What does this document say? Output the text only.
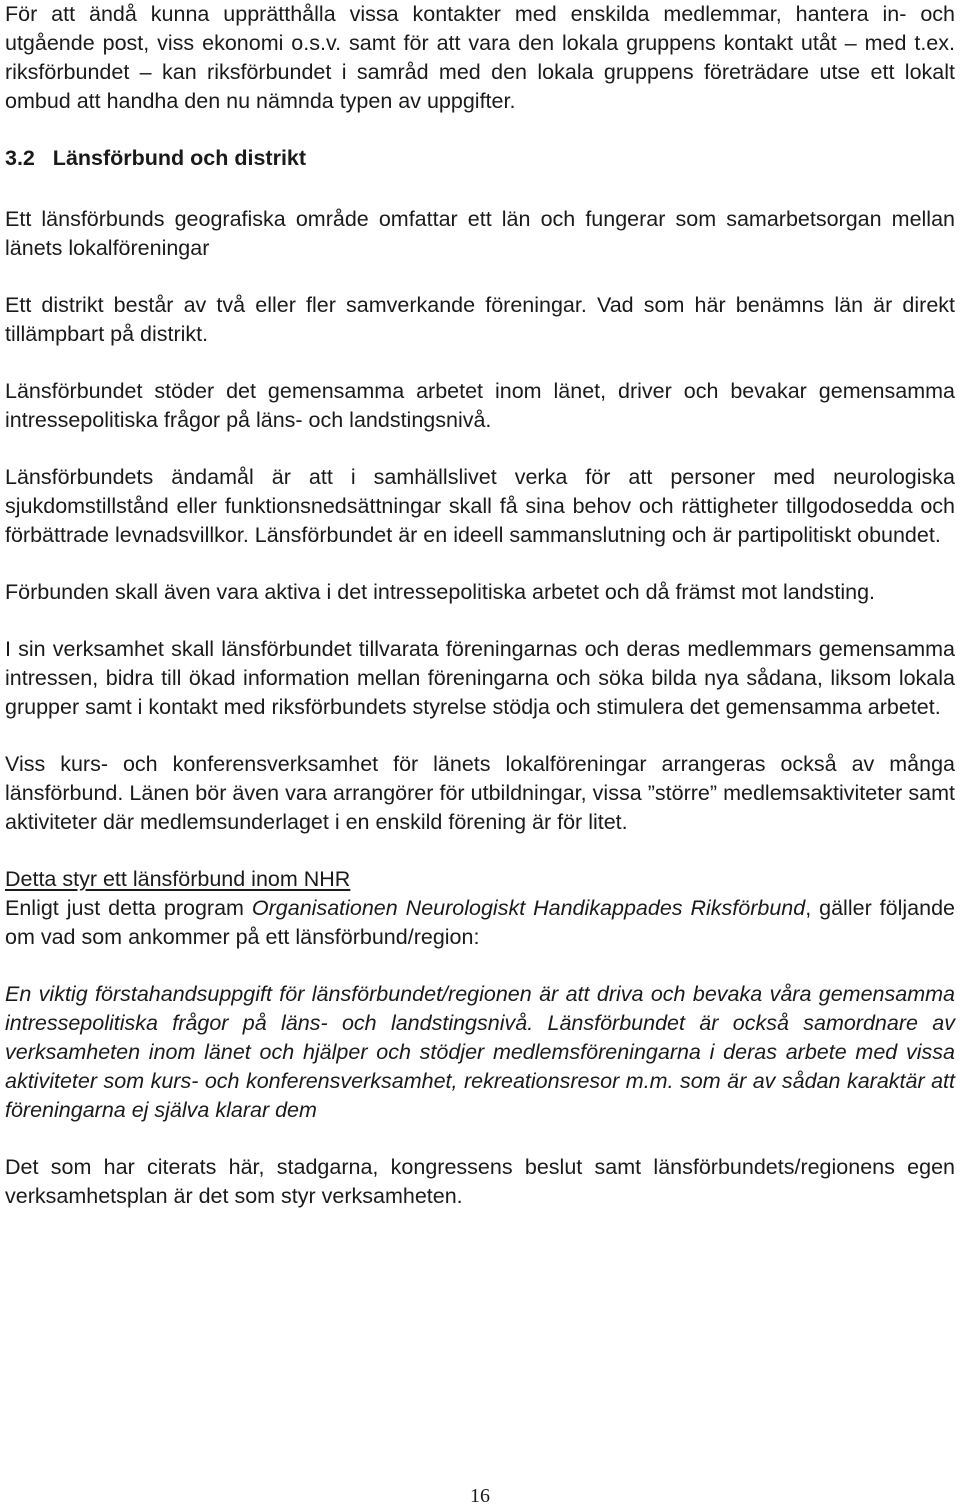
För att ändå kunna upprätthålla vissa kontakter med enskilda medlemmar, hantera in- och utgående post, viss ekonomi o.s.v. samt för att vara den lokala gruppens kontakt utåt – med t.ex. riksförbundet – kan riksförbundet i samråd med den lokala gruppens företrädare utse ett lokalt ombud att handha den nu nämnda typen av uppgifter.

3.2   Länsförbund och distrikt

Ett länsförbunds geografiska område omfattar ett län och fungerar som samarbetsorgan mellan länets lokalföreningar

Ett distrikt består av två eller fler samverkande föreningar. Vad som här benämns län är direkt tillämpbart på distrikt.

Länsförbundet stöder det gemensamma arbetet inom länet, driver och bevakar gemensamma intressepolitiska frågor på läns- och landstingsnivå.

Länsförbundets ändamål är att i samhällslivet verka för att personer med neurologiska sjukdomstillstånd eller funktionsnedsättningar skall få sina behov och rättigheter tillgodosedda och förbättrade levnadsvillkor. Länsförbundet är en ideell sammanslutning och är partipolitiskt obundet.

Förbunden skall även vara aktiva i det intressepolitiska arbetet och då främst mot landsting.

I sin verksamhet skall länsförbundet tillvarata föreningarnas och deras medlemmars gemensamma intressen, bidra till ökad information mellan föreningarna och söka bilda nya sådana, liksom lokala grupper samt i kontakt med riksförbundets styrelse stödja och stimulera det gemensamma arbetet.

Viss kurs- och konferensverksamhet för länets lokalföreningar arrangeras också av många länsförbund. Länen bör även vara arrangörer för utbildningar, vissa ”större” medlemsaktiviteter samt aktiviteter där medlemsunderlaget i en enskild förening är för litet.

Detta styr ett länsförbund inom NHR

Enligt just detta program Organisationen Neurologiskt Handikappades Riksförbund, gäller följande om vad som ankommer på ett länsförbund/region:

En viktig förstahandsuppgift för länsförbundet/regionen är att driva och bevaka våra gemensamma intressepolitiska frågor på läns- och landstingsnivå. Länsförbundet är också samordnare av verksamheten inom länet och hjälper och stödjer medlemsföreningarna i deras arbete med vissa aktiviteter som kurs- och konferensverksamhet, rekreationsresor m.m. som är av sådan karaktär att föreningarna ej själva klarar dem

Det som har citerats här, stadgarna, kongressens beslut samt länsförbundets/regionens egen verksamhetsplan är det som styr verksamheten.

16
